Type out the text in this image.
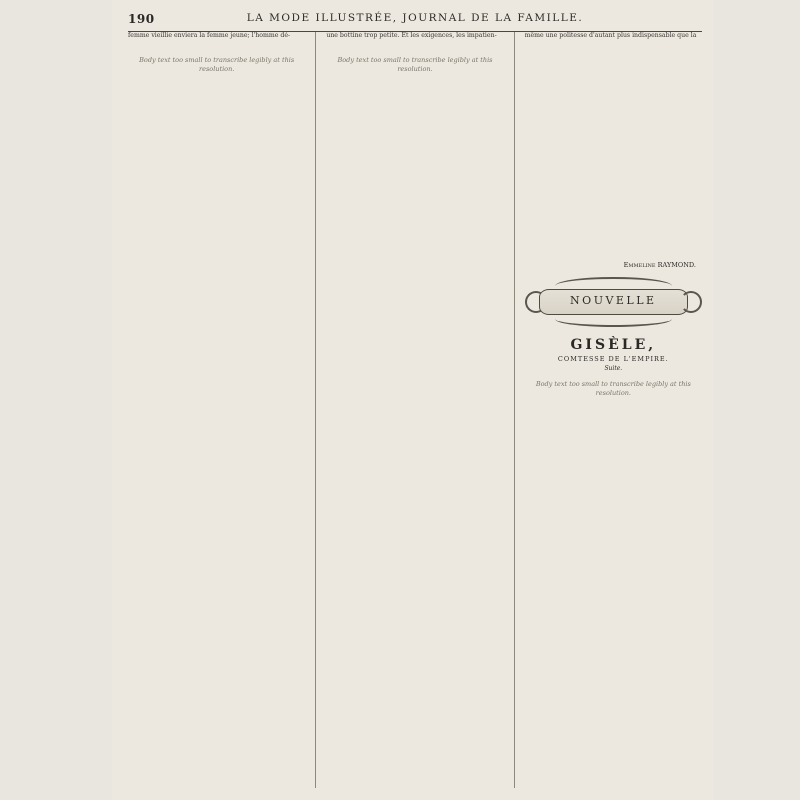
190	LA MODE ILLUSTRÉE, JOURNAL DE LA FAMILLE.

femme vieillie envierа la femme jeune; l'homme dé-

Body text too small to transcribe legibly at this resolution.

une bottine trop petite. Et les exigences, les impatien-

Body text too small to transcribe legibly at this resolution.

même une politesse d'autant plus indispensable que la

Emmeline RAYMOND.
NOUVELLE
GISÈLE,
COMTESSE DE L'EMPIRE.
Suite.
Body text too small to transcribe legibly at this resolution.
